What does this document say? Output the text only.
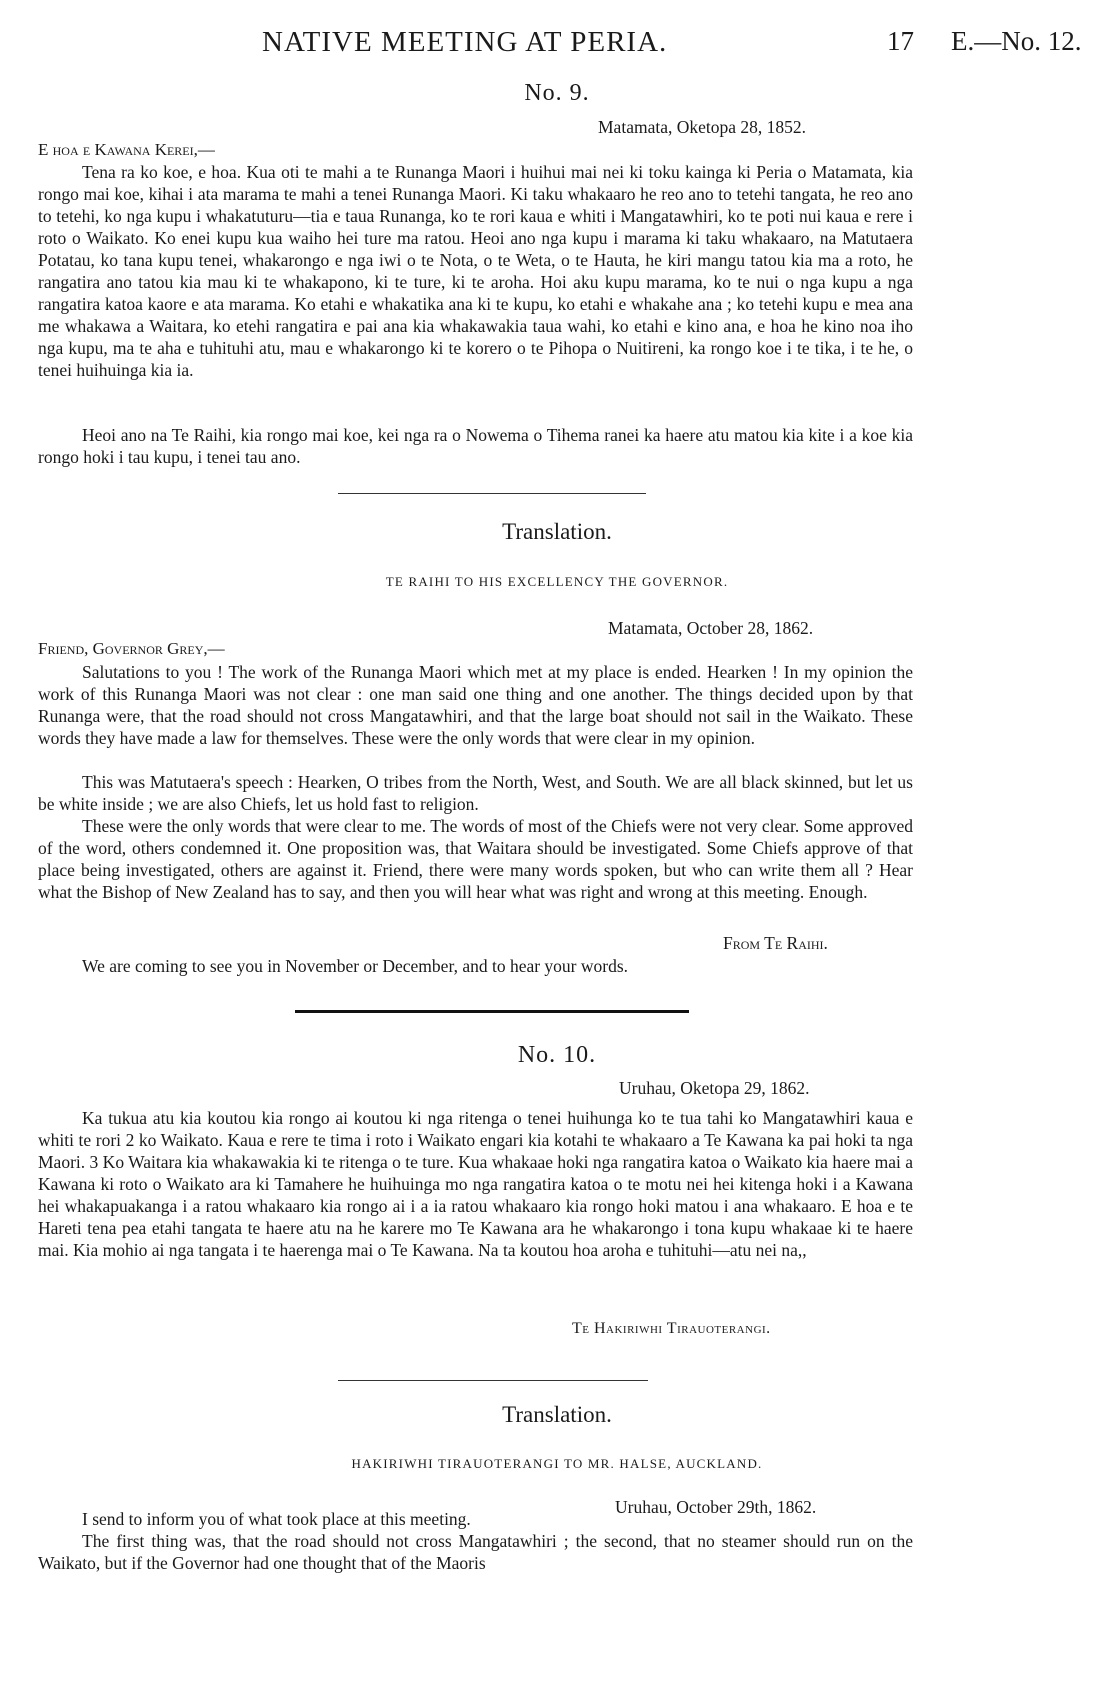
NATIVE MEETING AT PERIA.	17 E.—No. 12.
No. 9.
Matamata, Oketopa 28, 1852.
E hoa e Kawana Kerei,—

Tena ra ko koe, e hoa. Kua oti te mahi a te Runanga Maori i huihui mai nei ki toku kainga ki Peria o Matamata, kia rongo mai koe, kihai i ata marama te mahi a tenei Runanga Maori. Ki taku whakaaro he reo ano to tetehi tangata, he reo ano to tetehi, ko nga kupu i whakatuturu—tia e taua Runanga, ko te rori kaua e whiti i Mangatawhiri, ko te poti nui kaua e rere i roto o Waikato. Ko enei kupu kua waiho hei ture ma ratou. Heoi ano nga kupu i marama ki taku whakaaro, na Matutaera Potatau, ko tana kupu tenei, whakarongo e nga iwi o te Nota, o te Weta, o te Hauta, he kiri mangu tatou kia ma a roto, he rangatira ano tatou kia mau ki te whakapono, ki te ture, ki te aroha. Hoi aku kupu marama, ko te nui o nga kupu a nga rangatira katoa kaore e ata marama. Ko etahi e whakatika ana ki te kupu, ko etahi e whakahe ana ; ko tetehi kupu e mea ana me whakawa a Waitara, ko etehi rangatira e pai ana kia whakawakia taua wahi, ko etahi e kino ana, e hoa he kino noa iho nga kupu, ma te aha e tuhituhi atu, mau e whakarongo ki te korero o te Pihopa o Nuitireni, ka rongo koe i te tika, i te he, o tenei huihuinga kia ia.

Heoi ano na Te Raihi, kia rongo mai koe, kei nga ra o Nowema o Tihema ranei ka haere atu matou kia kite i a koe kia rongo hoki i tau kupu, i tenei tau ano.

Translation.
TE RAIHI TO HIS EXCELLENCY THE GOVERNOR.
Matamata, October 28, 1862.
Friend, Governor Grey,—

Salutations to you ! The work of the Runanga Maori which met at my place is ended. Hearken ! In my opinion the work of this Runanga Maori was not clear : one man said one thing and one another. The things decided upon by that Runanga were, that the road should not cross Mangatawhiri, and that the large boat should not sail in the Waikato. These words they have made a law for themselves. These were the only words that were clear in my opinion.

This was Matutaera's speech : Hearken, O tribes from the North, West, and South. We are all black skinned, but let us be white inside ; we are also Chiefs, let us hold fast to religion.

These were the only words that were clear to me. The words of most of the Chiefs were not very clear. Some approved of the word, others condemned it. One proposition was, that Waitara should be investigated. Some Chiefs approve of that place being investigated, others are against it. Friend, there were many words spoken, but who can write them all ? Hear what the Bishop of New Zealand has to say, and then you will hear what was right and wrong at this meeting. Enough.

From Te Raihi.

We are coming to see you in November or December, and to hear your words.

No. 10.
Uruhau, Oketopa 29, 1862.

Ka tukua atu kia koutou kia rongo ai koutou ki nga ritenga o tenei huihunga ko te tua tahi ko Mangatawhiri kaua e whiti te rori 2 ko Waikato. Kaua e rere te tima i roto i Waikato engari kia kotahi te whakaaro a Te Kawana ka pai hoki ta nga Maori. 3 Ko Waitara kia whakawakia ki te ritenga o te ture. Kua whakaae hoki nga rangatira katoa o Waikato kia haere mai a Kawana ki roto o Waikato ara ki Tamahere he huihuinga mo nga rangatira katoa o te motu nei hei kitenga hoki i a Kawana hei whakapuakanga i a ratou whakaaro kia rongo ai i a ia ratou whakaaro kia rongo hoki matou i ana whakaaro. E hoa e te Hareti tena pea etahi tangata te haere atu na he karere mo Te Kawana ara he whakarongo i tona kupu whakaae ki te haere mai. Kia mohio ai nga tangata i te haerenga mai o Te Kawana. Na ta koutou hoa aroha e tuhituhi—atu nei na,,

Te Hakiriwhi Tirauoterangi.
Translation.
HAKIRIWHI TIRAUOTERANGI TO MR. HALSE, AUCKLAND.
Uruhau, October 29th, 1862.

I send to inform you of what took place at this meeting.

The first thing was, that the road should not cross Mangatawhiri ; the second, that no steamer should run on the Waikato, but if the Governor had one thought that of the Maoris
